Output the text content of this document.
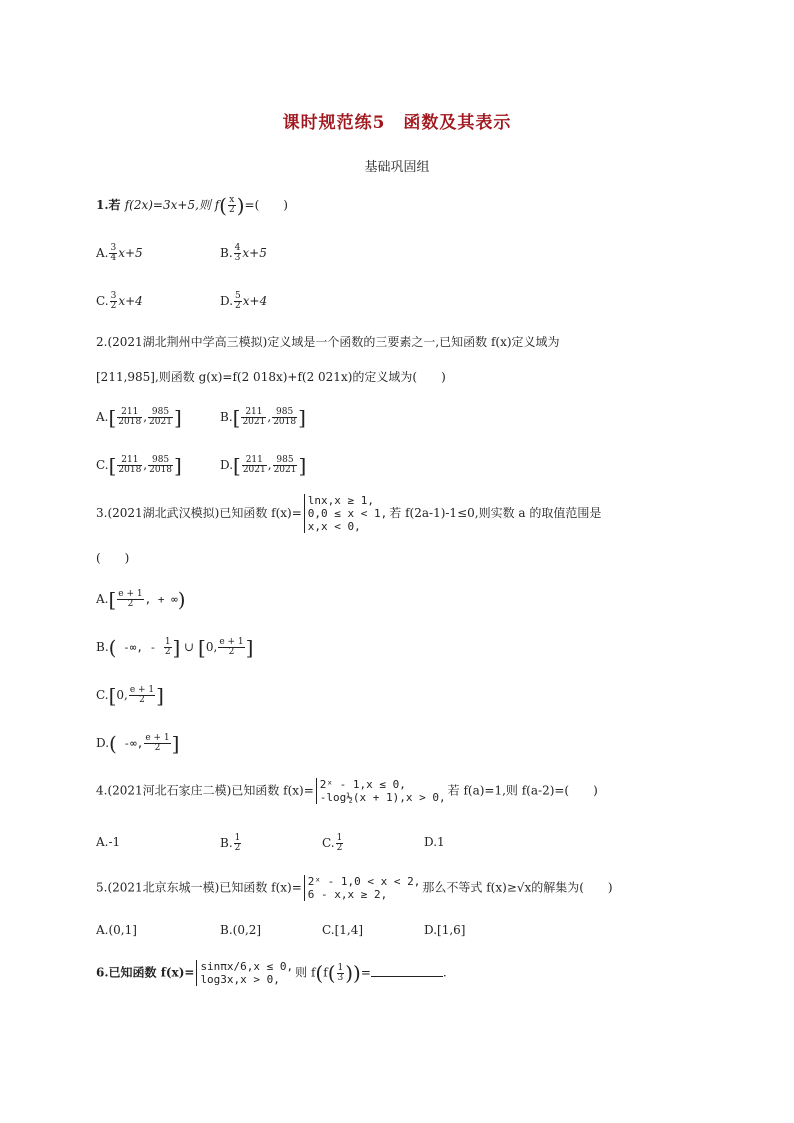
课时规范练5　函数及其表示
基础巩固组
1.若 f(2x)=3x+5,则 $f( \frac{x}{2}$ )=(　　)
A. $\frac{3}{4} x+5$	B. $\frac{4}{3} x+5$
C. $\frac{3}{2} x+4$	D. $\frac{5}{2} x+4$
2.(2021湖北荆州中学高三模拟)定义域是一个函数的三要素之一,已知函数 f(x)定义域为
[211,985],则函数 g(x)=f(2 018x)+f(2 021x)的定义域为(　　)
$A.[ \frac{211}{2018}$ , $\frac{985}{2021}$ ]	$B.[ \frac{211}{2021}$ , $\frac{985}{2018}$ ]
$C.[ \frac{211}{2018}$ , $\frac{985}{2018}$ ]	$D.[ \frac{211}{2021}$ , $\frac{985}{2021}$ ]
3.(2021湖北武汉模拟)已知函数 f(x)=
lnx,x ≥ 1,
0,0 ≤ x < 1,
x,x < 0,
若 f(2a-1)-1≤0,则实数 a 的取值范围是
(　　)
$A.[ \frac{e + 1}{2}$ , + ∞)
B.( -∞, - $\frac{1}{2}$ ] ∪ [0, $\frac{e + 1}{2}$ ]
C.[0, $\frac{e + 1}{2}$ ]
D.( -∞, $\frac{e + 1}{2}$ ]
4.(2021河北石家庄二模)已知函数 f(x)= 2ˣ - 1,x ≤ 0,
-log½(x + 1),x > 0, 若 f(a)=1,则 f(a-2)=(　　)
A.-1	B. $\frac{1}{2}$	C. $\frac{1}{2}$	D.1
5.(2021北京东城一模)已知函数 f(x)= 2ˣ - 1,0 < x < 2,
6 - x,x ≥ 2,	那么不等式 f(x)≥√x的解集为(　　)
A.(0,1]	B.(0,2]	C.[1,4]	D.[1,6]
6.已知函数 f(x)= sinπx/6,x ≤ 0,
log3x,x > 0,	则 $f(f( \frac{1}{3}$ ))=	.
